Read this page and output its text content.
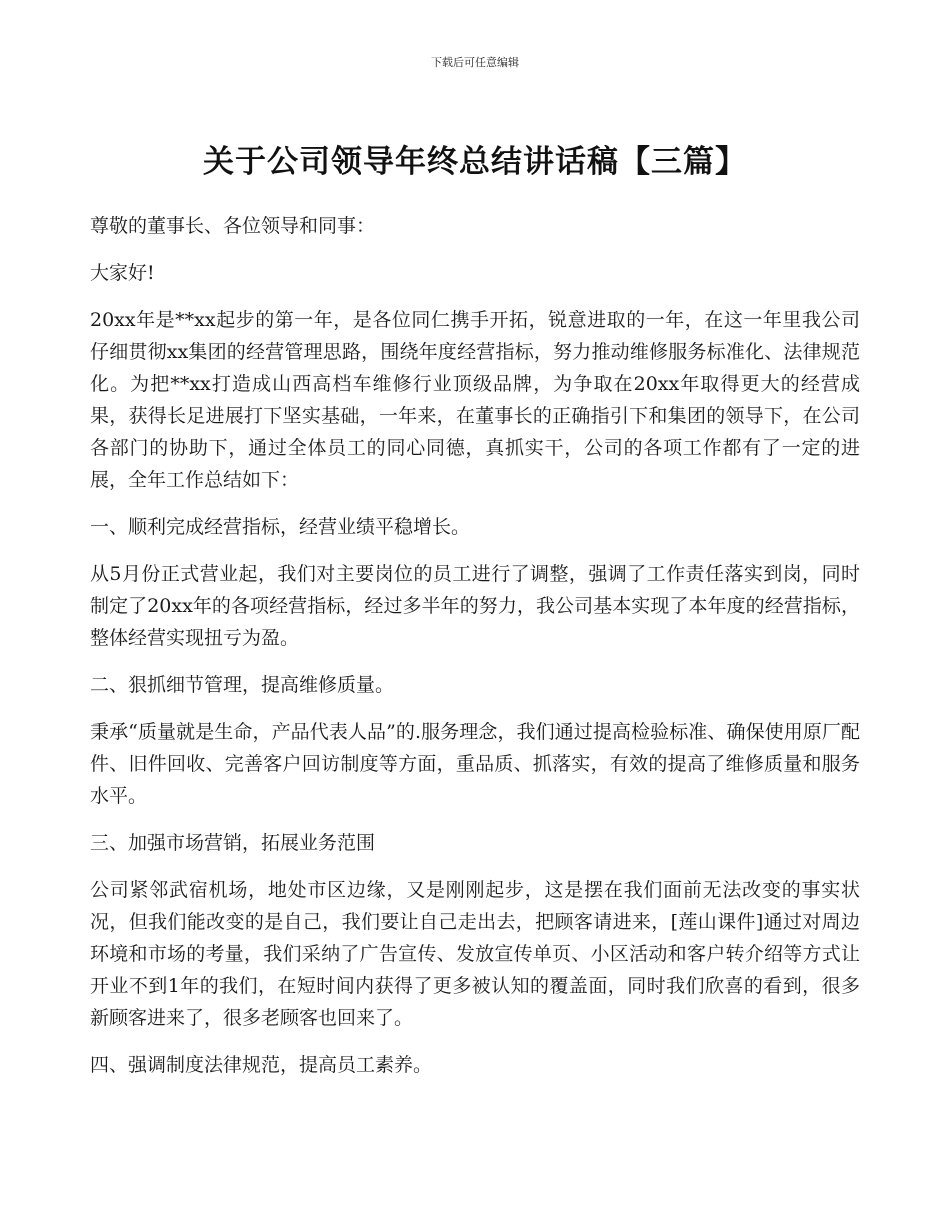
下载后可任意编辑
关于公司领导年终总结讲话稿【三篇】

尊敬的董事长、各位领导和同事：

大家好!

20xx年是**xx起步的第一年，是各位同仁携手开拓，锐意进取的一年，在这一年里我公司仔细贯彻xx集团的经营管理思路，围绕年度经营指标，努力推动维修服务标准化、法律规范化。为把**xx打造成山西高档车维修行业顶级品牌，为争取在20xx年取得更大的经营成果，获得长足进展打下坚实基础，一年来，在董事长的正确指引下和集团的领导下，在公司各部门的协助下，通过全体员工的同心同德，真抓实干，公司的各项工作都有了一定的进展，全年工作总结如下：

一、顺利完成经营指标，经营业绩平稳增长。

从5月份正式营业起，我们对主要岗位的员工进行了调整，强调了工作责任落实到岗，同时制定了20xx年的各项经营指标，经过多半年的努力，我公司基本实现了本年度的经营指标，整体经营实现扭亏为盈。

二、狠抓细节管理，提高维修质量。

秉承“质量就是生命，产品代表人品”的.服务理念，我们通过提高检验标准、确保使用原厂配件、旧件回收、完善客户回访制度等方面，重品质、抓落实，有效的提高了维修质量和服务水平。

三、加强市场营销，拓展业务范围

公司紧邻武宿机场，地处市区边缘，又是刚刚起步，这是摆在我们面前无法改变的事实状况，但我们能改变的是自己，我们要让自己走出去，把顾客请进来，[莲山课件]通过对周边环境和市场的考量，我们采纳了广告宣传、发放宣传单页、小区活动和客户转介绍等方式让开业不到1年的我们，在短时间内获得了更多被认知的覆盖面，同时我们欣喜的看到，很多新顾客进来了，很多老顾客也回来了。

四、强调制度法律规范，提高员工素养。
